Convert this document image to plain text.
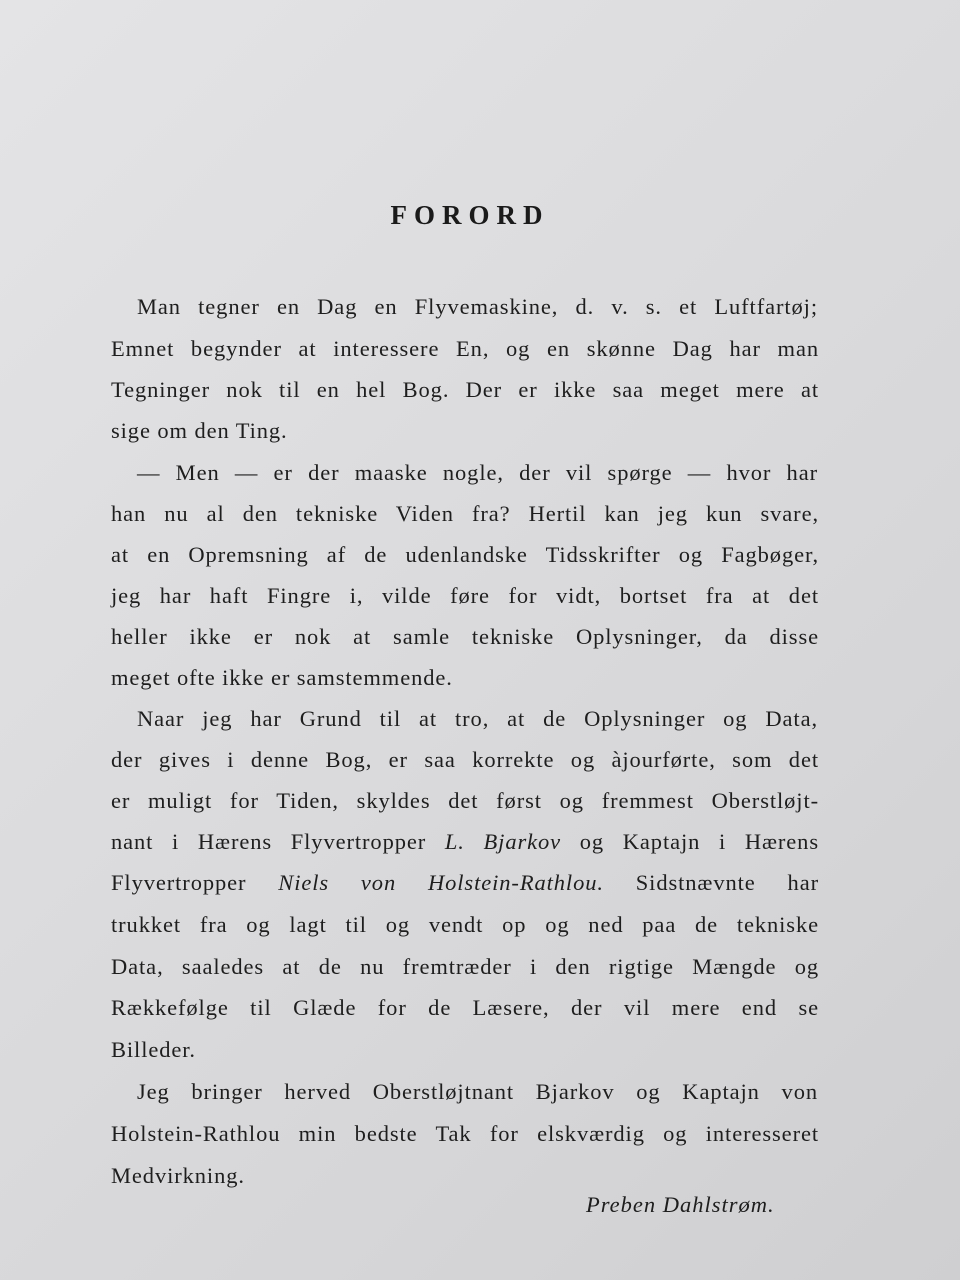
FORORD
Man tegner en Dag en Flyvemaskine, d. v. s. et Luftfartøj;
Emnet begynder at interessere En, og en skønne Dag har man
Tegninger nok til en hel Bog. Der er ikke saa meget mere at
sige om den Ting.
— Men — er der maaske nogle, der vil spørge — hvor har
han nu al den tekniske Viden fra? Hertil kan jeg kun svare,
at en Opremsning af de udenlandske Tidsskrifter og Fagbøger,
jeg har haft Fingre i, vilde føre for vidt, bortset fra at det
heller ikke er nok at samle tekniske Oplysninger, da disse
meget ofte ikke er samstemmende.
Naar jeg har Grund til at tro, at de Oplysninger og Data,
der gives i denne Bog, er saa korrekte og àjourførte, som det
er muligt for Tiden, skyldes det først og fremmest Oberstløjt-
nant i Hærens Flyvertropper L. Bjarkov og Kaptajn i Hærens
Flyvertropper Niels von Holstein-Rathlou. Sidstnævnte har
trukket fra og lagt til og vendt op og ned paa de tekniske
Data, saaledes at de nu fremtræder i den rigtige Mængde og
Rækkefølge til Glæde for de Læsere, der vil mere end se
Billeder.
Jeg bringer herved Oberstløjtnant Bjarkov og Kaptajn von
Holstein-Rathlou min bedste Tak for elskværdig og interesseret
Medvirkning.
Preben Dahlstrøm.
